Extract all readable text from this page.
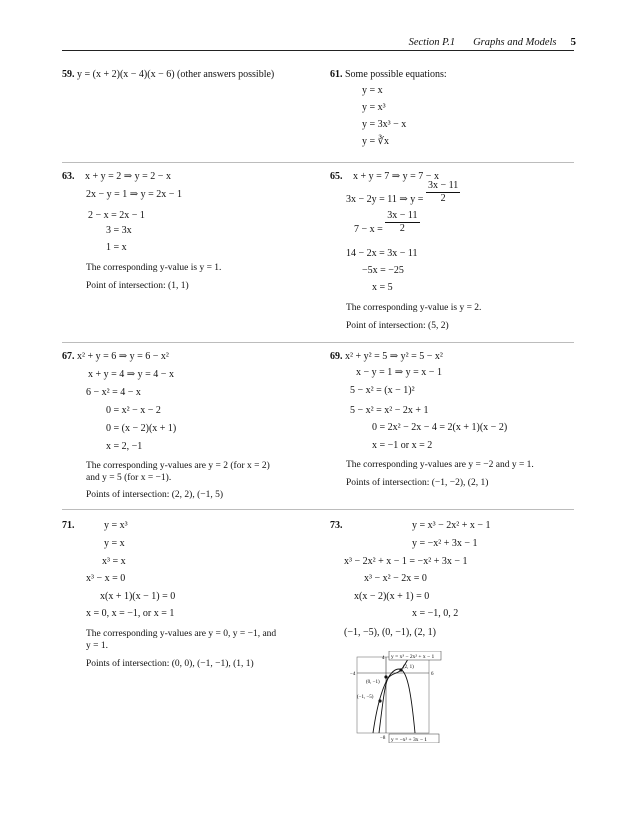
Section P.1 Graphs and Models 5
59. y = (x + 2)(x − 4)(x − 6) (other answers possible)	61. Some possible equations:
y = x
y = x³
y = 3x³ − x
y = ∛x
63. x + y = 2 ⇒ y = 2 − x
2x − y = 1 ⇒ y = 2x − 1
2 − x = 2x − 1
3 = 3x
1 = x
The corresponding y-value is y = 1.
Point of intersection: (1, 1)
65. x + y = 7 ⇒ y = 7 − x
3x − 2y = 11 ⇒ $y = \frac{3x - 11}{2}$
$7 - x = \frac{3x - 11}{2}$
14 − 2x = 3x − 11
−5x = −25
x = 5
The corresponding y-value is y = 2.
Point of intersection: (5, 2)
67. x² + y = 6 ⇒ y = 6 − x²
x + y = 4 ⇒ y = 4 − x
6 − x² = 4 − x
0 = x² − x − 2
0 = (x − 2)(x + 1)
x = 2, −1
The corresponding y-values are y = 2 (for x = 2)
and y = 5 (for x = −1).
Points of intersection: (2, 2), (−1, 5)
69. x² + y² = 5 ⇒ y² = 5 − x²
x − y = 1 ⇒ y = x − 1
5 − x² = (x − 1)²
5 − x² = x² − 2x + 1
0 = 2x² − 2x − 4 = 2(x + 1)(x − 2)
x = −1 or x = 2
The corresponding y-values are y = −2 and y = 1.
Points of intersection: (−1, −2), (2, 1)
71.	y = x³
y = x
x³ = x
x³ − x = 0
x(x + 1)(x − 1) = 0
x = 0, x = −1, or x = 1
The corresponding y-values are y = 0, y = −1, and
y = 1.
Points of intersection: (0, 0), (−1, −1), (1, 1)
73.	y = x³ − 2x² + x − 1
y = −x² + 3x − 1
x³ − 2x² + x − 1 = −x² + 3x − 1
x³ − x² − 2x = 0
x(x − 2)(x + 1) = 0
x = −1, 0, 2
(−1, −5), (0, −1), (2, 1)
y = x³ − 2x² + x − 1
y = −x² + 3x − 1
4
−8
−4	6
(2, 1)
(0, −1)
(−1, −5)
